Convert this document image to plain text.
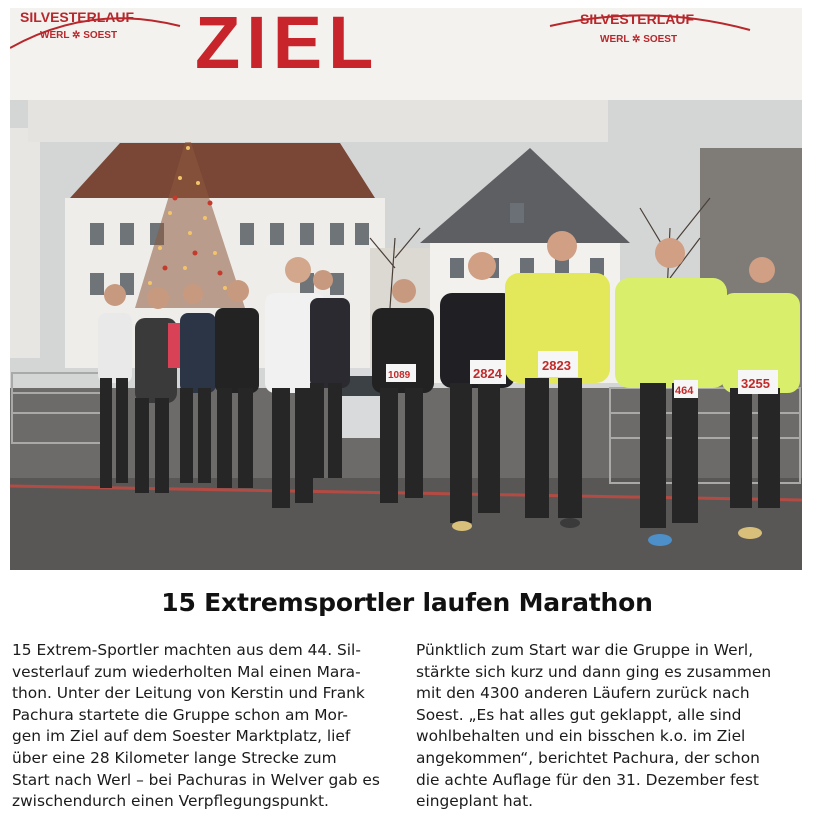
SILVESTERLAUF
WERL ✲ SOEST ZIEL	SILVESTERLAUF
WERL ✲ SOEST
2824
2823
3255
464
1089
15 Extremsportler laufen Marathon
15 Extrem-Sportler machten aus dem 44. Sil-
vesterlauf zum wiederholten Mal einen Mara-
thon. Unter der Leitung von Kerstin und Frank
Pachura startete die Gruppe schon am Mor-
gen im Ziel auf dem Soester Marktplatz, lief
über eine 28 Kilometer lange Strecke zum
Start nach Werl – bei Pachuras in Welver gab es
zwischendurch einen Verpflegungspunkt.
Pünktlich zum Start war die Gruppe in Werl,
stärkte sich kurz und dann ging es zusammen
mit den 4300 anderen Läufern zurück nach
Soest. „Es hat alles gut geklappt, alle sind
wohlbehalten und ein bisschen k.o. im Ziel
angekommen“, berichtet Pachura, der schon
die achte Auflage für den 31. Dezember fest
eingeplant hat.
